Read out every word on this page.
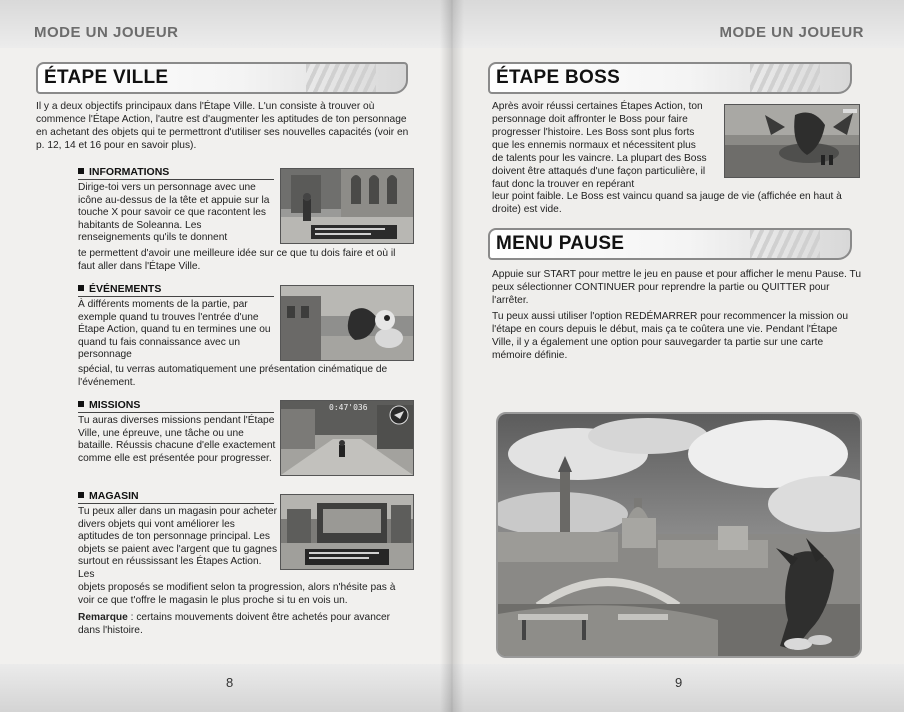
MODE UN JOUEUR
ÉTAPE VILLE
Il y a deux objectifs principaux dans l'Étape Ville. L'un consiste à trouver où commence l'Étape Action, l'autre est d'augmenter les aptitudes de ton personnage en achetant des objets qui te permettront d'utiliser ses nouvelles capacités (voir en p. 12, 14 et 16 pour en savoir plus).
INFORMATIONS
Dirige-toi vers un personnage avec une icône au-dessus de la tête et appuie sur la touche X pour savoir ce que racontent les habitants de Soleanna. Les renseignements qu'ils te donnent
te permettent d'avoir une meilleure idée sur ce que tu dois faire et où il faut aller dans l'Étape Ville.
ÉVÉNEMENTS
À différents moments de la partie, par exemple quand tu trouves l'entrée d'une Étape Action, quand tu en termines une ou quand tu fais connaissance avec un personnage
spécial, tu verras automatiquement une présentation cinématique de l'événement.
MISSIONS
Tu auras diverses missions pendant l'Étape Ville, une épreuve, une tâche ou une bataille. Réussis chacune d'elle exactement comme elle est présentée pour progresser.
0:47'036
MAGASIN
Tu peux aller dans un magasin pour acheter divers objets qui vont améliorer les aptitudes de ton personnage principal. Les objets se paient avec l'argent que tu gagnes surtout en réussissant les Étapes Action. Les
objets proposés se modifient selon ta progression, alors n'hésite pas à voir ce que t'offre le magasin le plus proche si tu en vois un.
Remarque : certains mouvements doivent être achetés pour avancer dans l'histoire.
8
MODE UN JOUEUR
ÉTAPE BOSS
Après avoir réussi certaines Étapes Action, ton personnage doit affronter le Boss pour faire progresser l'histoire. Les Boss sont plus forts que les ennemis normaux et nécessitent plus de talents pour les vaincre. La plupart des Boss doivent être attaqués d'une façon particulière, il faut donc la trouver en repérant
leur point faible. Le Boss est vaincu quand sa jauge de vie (affichée en haut à droite) est vide.
MENU PAUSE
Appuie sur START pour mettre le jeu en pause et pour afficher le menu Pause. Tu peux sélectionner CONTINUER pour reprendre la partie ou QUITTER pour l'arrêter.
Tu peux aussi utiliser l'option REDÉMARRER pour recommencer la mission ou l'étape en cours depuis le début, mais ça te coûtera une vie. Pendant l'Étape Ville, il y a également une option pour sauvegarder ta partie sur une carte mémoire définie.
9
